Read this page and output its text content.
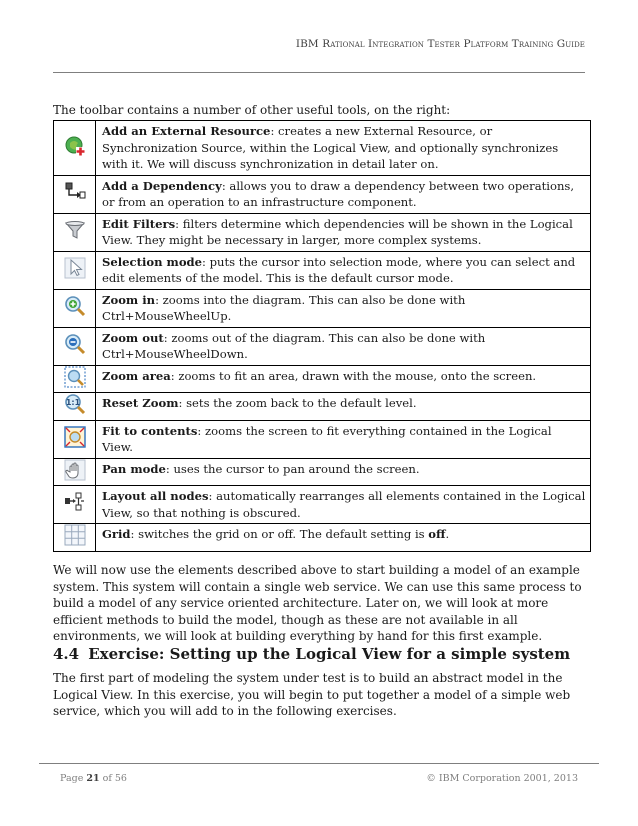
IBM Rational Integration Tester Platform Training Guide
The toolbar contains a number of other useful tools, on the right:
	Add an External Resource: creates a new External Resource, or Synchronization Source, within the Logical View, and optionally synchronizes with it. We will discuss synchronization in detail later on.
	Add a Dependency: allows you to draw a dependency between two operations, or from an operation to an infrastructure component.
	Edit Filters: filters determine which dependencies will be shown in the Logical View. They might be necessary in larger, more complex systems.
	Selection mode: puts the cursor into selection mode, where you can select and edit elements of the model. This is the default cursor mode.
	Zoom in: zooms into the diagram. This can also be done with Ctrl+MouseWheelUp.
	Zoom out: zooms out of the diagram. This can also be done with Ctrl+MouseWheelDown.
	Zoom area: zooms to fit an area, drawn with the mouse, onto the screen.

1:1	Reset Zoom: sets the zoom back to the default level.
	Fit to contents: zooms the screen to fit everything contained in the Logical View.
	Pan mode: uses the cursor to pan around the screen.
	Layout all nodes: automatically rearranges all elements contained in the Logical View, so that nothing is obscured.
	Grid: switches the grid on or off. The default setting is off.
We will now use the elements described above to start building a model of an example system. This system will contain a single web service. We can use this same process to build a model of any service oriented architecture. Later on, we will look at more efficient methods to build the model, though as these are not available in all environments, we will look at building everything by hand for this first example.
4.4 Exercise: Setting up the Logical View for a simple system
The first part of modeling the system under test is to build an abstract model in the Logical View. In this exercise, you will begin to put together a model of a simple web service, which you will add to in the following exercises.
Page 21 of 56	© IBM Corporation 2001, 2013
